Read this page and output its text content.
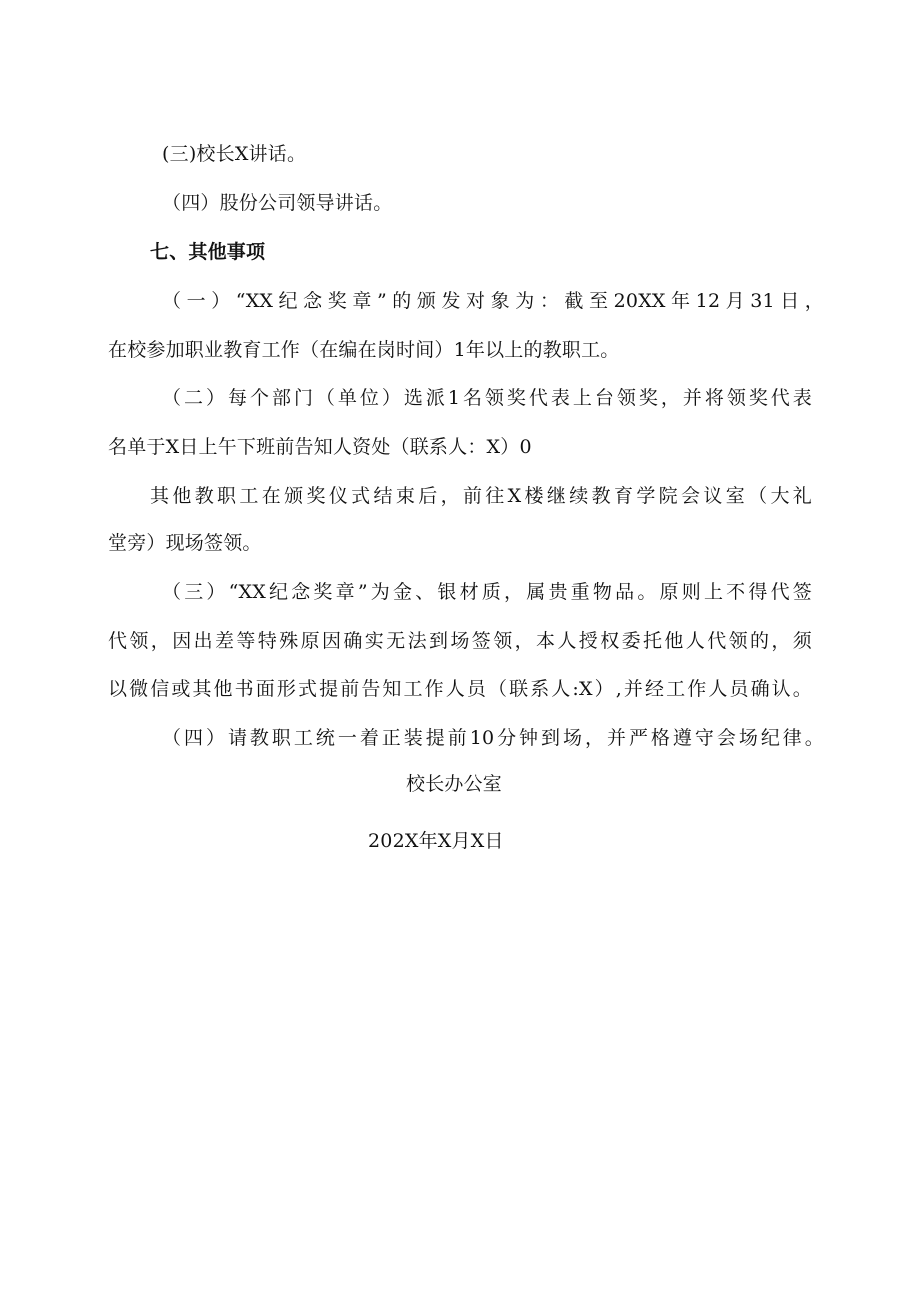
(三)校长X讲话。
（四）股份公司领导讲话。
七、其他事项
（一）“XX纪念奖章”的颁发对象为：截至20XX年12月31日，
在校参加职业教育工作（在编在岗时间）1年以上的教职工。
（二）每个部门（单位）选派1名领奖代表上台领奖，并将领奖代表
名单于X日上午下班前告知人资处（联系人：X）0
其他教职工在颁奖仪式结束后，前往X楼继续教育学院会议室（大礼
堂旁）现场签领。
（三）“XX纪念奖章”为金、银材质，属贵重物品。原则上不得代签
代领，因出差等特殊原因确实无法到场签领，本人授权委托他人代领的，须
以微信或其他书面形式提前告知工作人员（联系人:X）,并经工作人员确认。
（四）请教职工统一着正装提前10分钟到场，并严格遵守会场纪律。
校长办公室
202X年X月X日
